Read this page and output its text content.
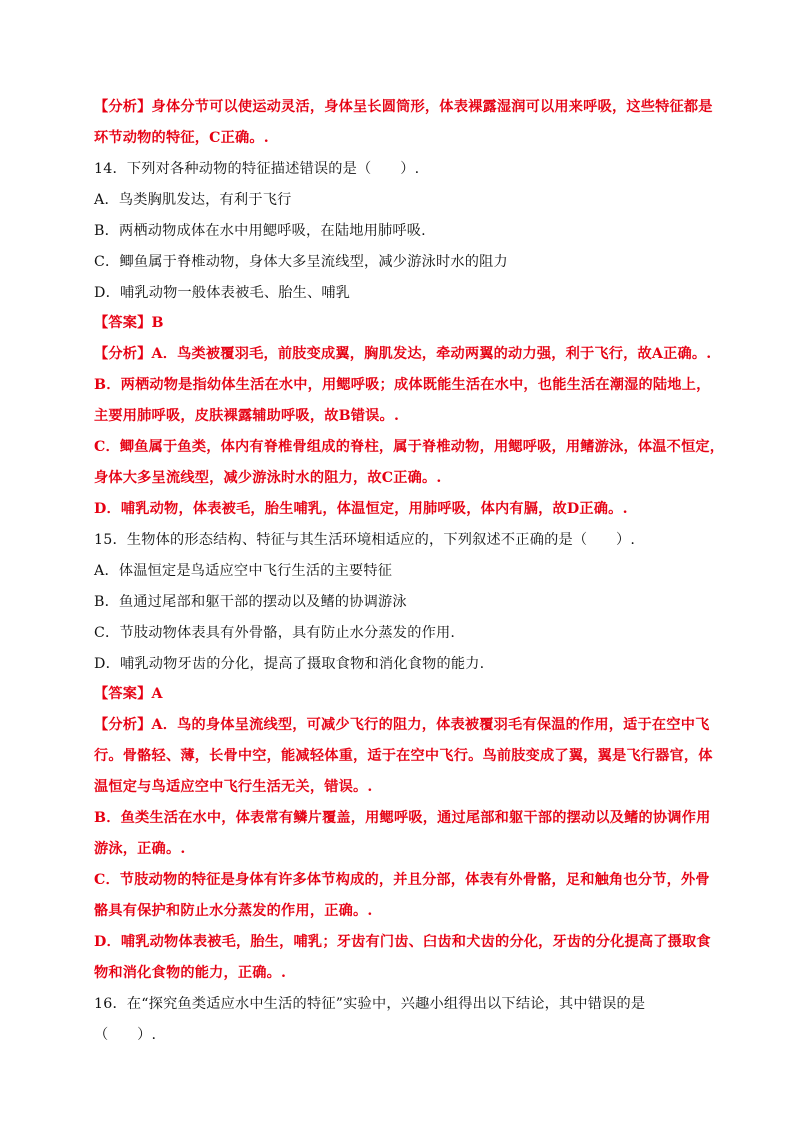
【分析】身体分节可以使运动灵活，身体呈长圆筒形，体表裸露湿润可以用来呼吸，这些特征都是
环节动物的特征，C正确。.
14．下列对各种动物的特征描述错误的是（　　）.
A．鸟类胸肌发达，有利于飞行
B．两栖动物成体在水中用鳃呼吸，在陆地用肺呼吸.
C．鲫鱼属于脊椎动物，身体大多呈流线型，减少游泳时水的阻力
D．哺乳动物一般体表被毛、胎生、哺乳
【答案】B
【分析】A．鸟类被覆羽毛，前肢变成翼，胸肌发达，牵动两翼的动力强，利于飞行，故A正确。.
B．两栖动物是指幼体生活在水中，用鳃呼吸；成体既能生活在水中，也能生活在潮湿的陆地上，
主要用肺呼吸，皮肤裸露辅助呼吸，故B错误。.
C．鲫鱼属于鱼类，体内有脊椎骨组成的脊柱，属于脊椎动物，用鳃呼吸，用鳍游泳，体温不恒定，
身体大多呈流线型，减少游泳时水的阻力，故C正确。.
D．哺乳动物，体表被毛，胎生哺乳，体温恒定，用肺呼吸，体内有膈，故D正确。.
15．生物体的形态结构、特征与其生活环境相适应的，下列叙述不正确的是（　　）.
A．体温恒定是鸟适应空中飞行生活的主要特征
B．鱼通过尾部和躯干部的摆动以及鳍的协调游泳
C．节肢动物体表具有外骨骼，具有防止水分蒸发的作用.
D．哺乳动物牙齿的分化，提高了摄取食物和消化食物的能力.
【答案】A
【分析】A．鸟的身体呈流线型，可减少飞行的阻力，体表被覆羽毛有保温的作用，适于在空中飞
行。骨骼轻、薄，长骨中空，能减轻体重，适于在空中飞行。鸟前肢变成了翼，翼是飞行器官，体
温恒定与鸟适应空中飞行生活无关，错误。.
B．鱼类生活在水中，体表常有鳞片覆盖，用鳃呼吸，通过尾部和躯干部的摆动以及鳍的协调作用
游泳，正确。.
C．节肢动物的特征是身体有许多体节构成的，并且分部，体表有外骨骼，足和触角也分节，外骨
骼具有保护和防止水分蒸发的作用，正确。.
D．哺乳动物体表被毛，胎生，哺乳；牙齿有门齿、臼齿和犬齿的分化，牙齿的分化提高了摄取食
物和消化食物的能力，正确。.
16．在“探究鱼类适应水中生活的特征”实验中，兴趣小组得出以下结论，其中错误的是
（　　）.
